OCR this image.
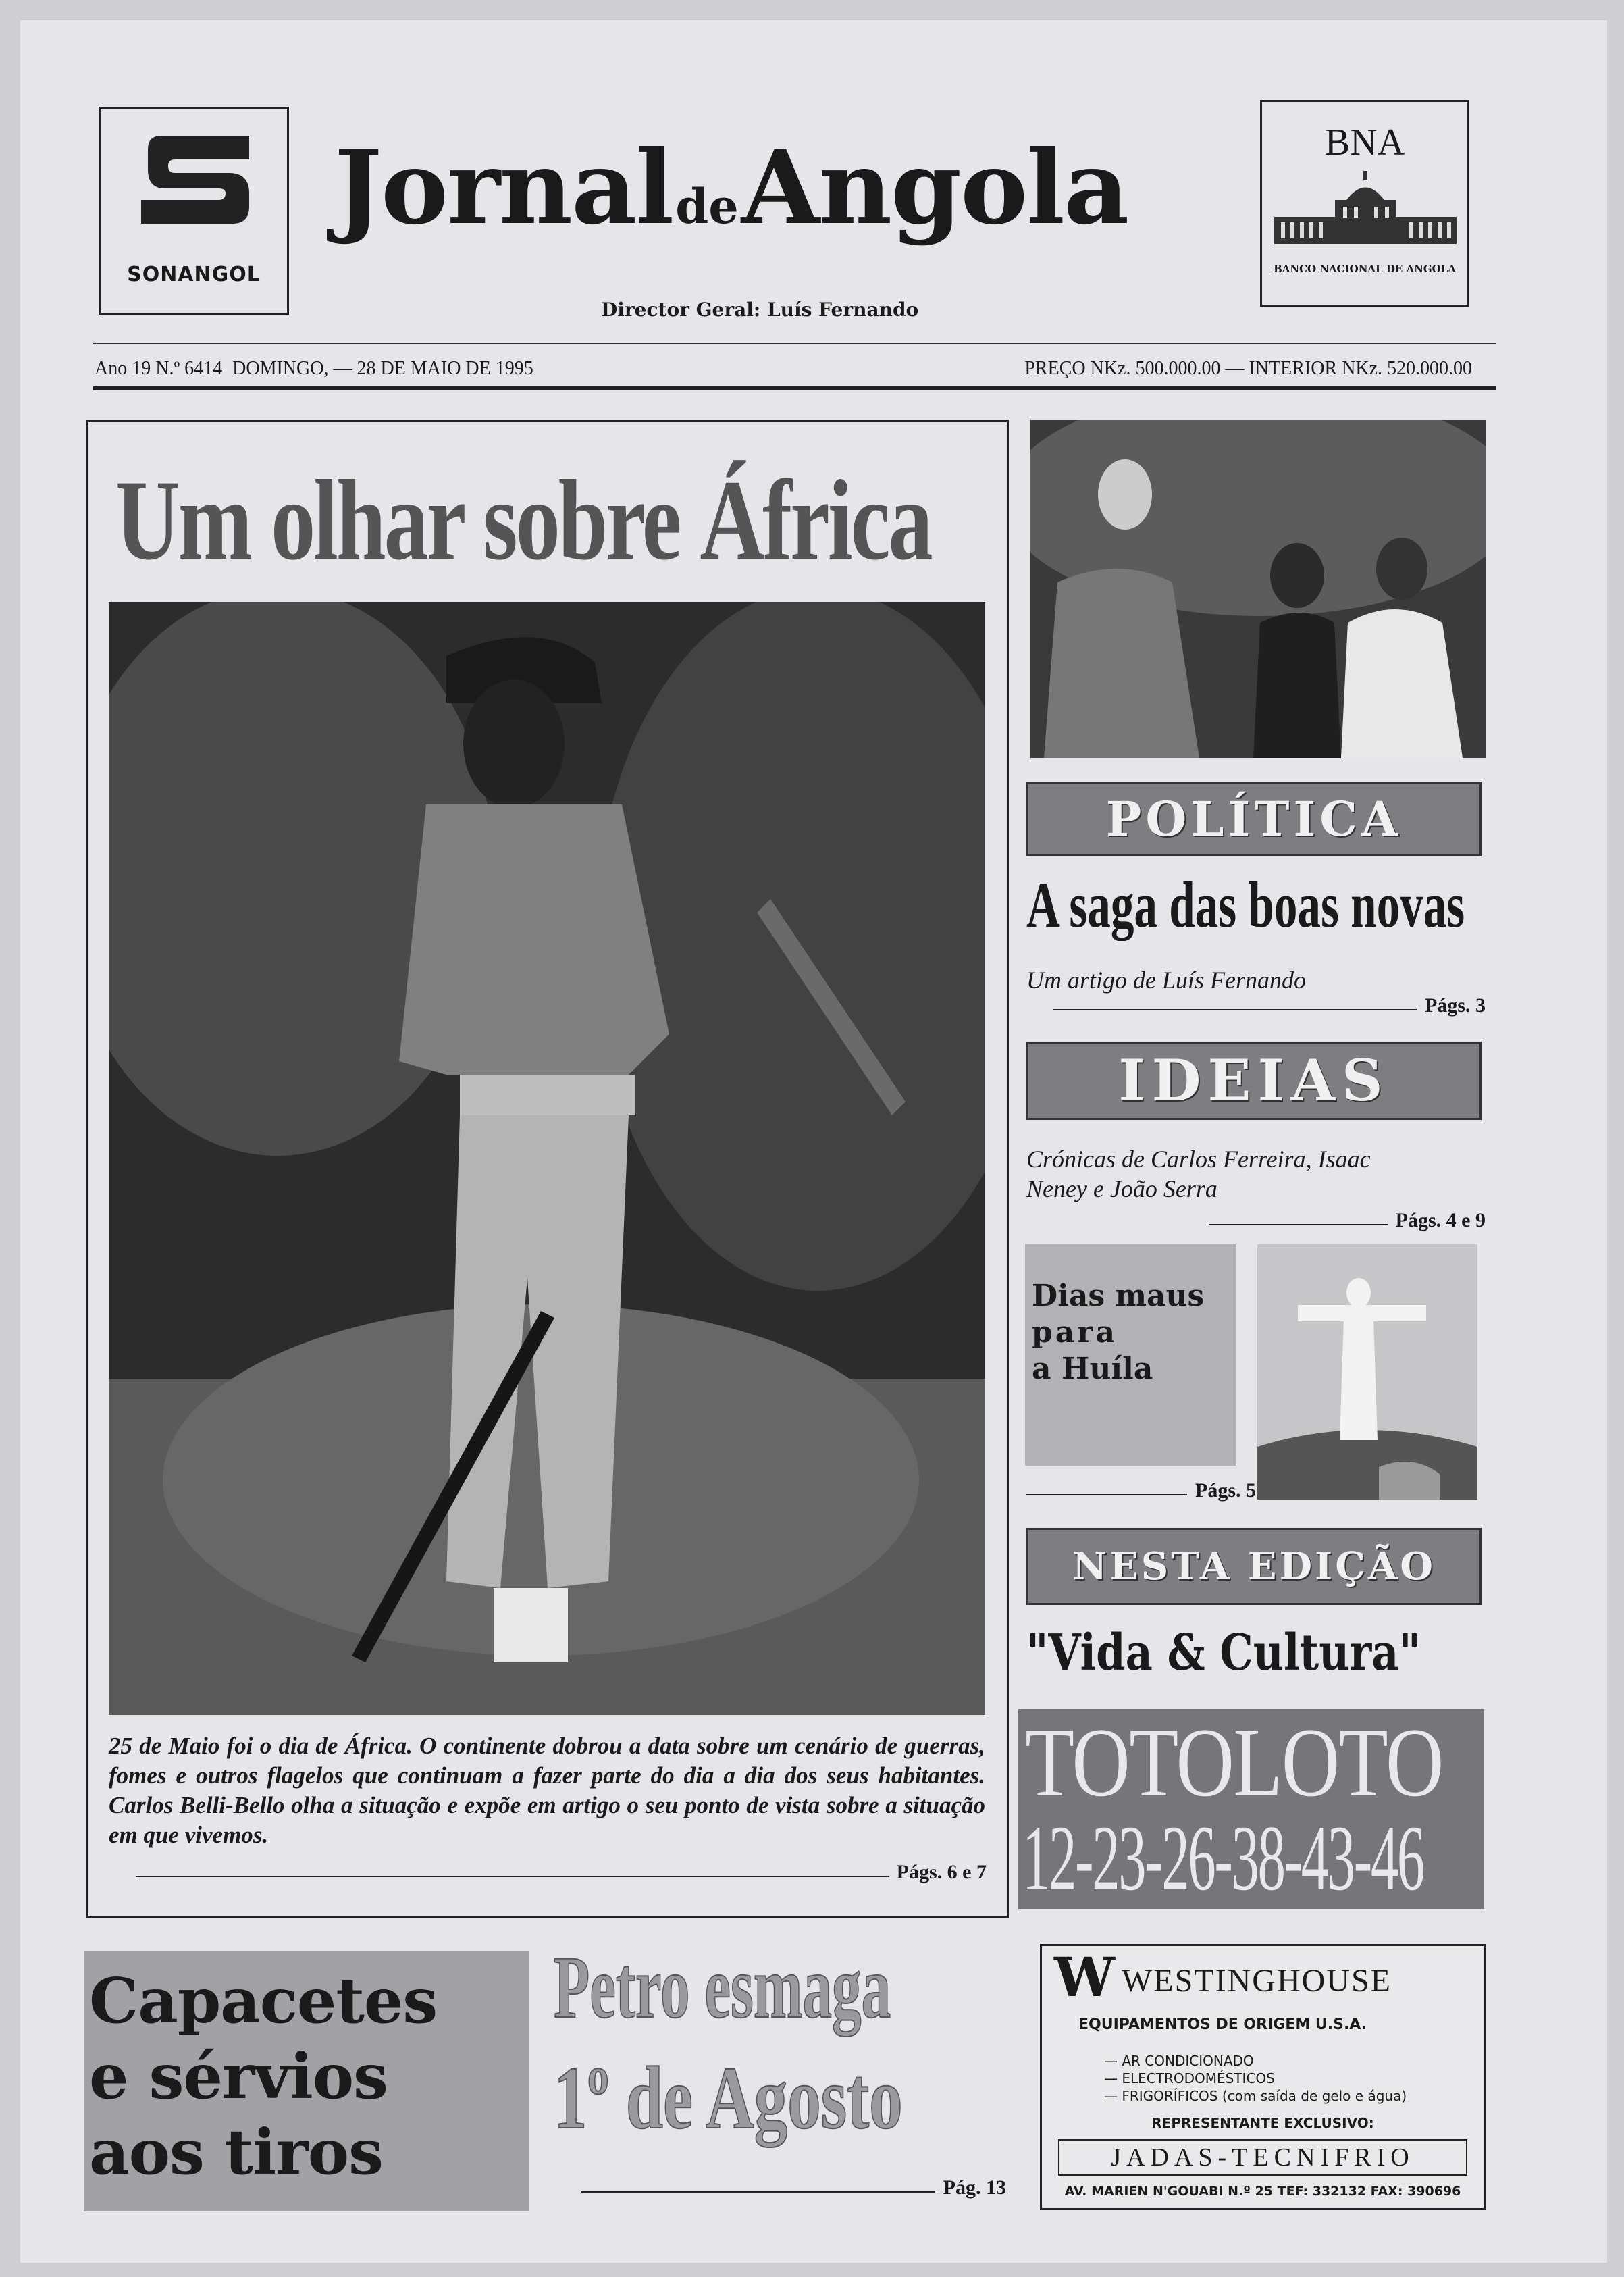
SONANGOL
Jornal de Angola
Director Geral: Luís Fernando
BNA
BANCO NACIONAL DE ANGOLA
Ano 19 N.º 6414 DOMINGO, — 28 DE MAIO DE 1995	PREÇO NKz. 500.000.00 — INTERIOR NKz. 520.000.00
Um olhar sobre África
25 de Maio foi o dia de África. O continente dobrou a data sobre um cenário de guerras, fomes e outros flagelos que continuam a fazer parte do dia a dia dos seus habitantes. Carlos Belli-Bello olha a situação e expõe em artigo o seu ponto de vista sobre a situação em que vivemos.
Págs. 6 e 7
POLÍTICA
A saga das boas novas
Um artigo de Luís Fernando
Págs. 3
IDEIAS
Crónicas de Carlos Ferreira, Isaac Neney e João Serra
Págs. 4 e 9
Dias maus
para
a Huíla
Págs. 5
NESTA EDIÇÃO
"Vida & Cultura"
TOTOLOTO
12-23-26-38-43-46
Capacetes
e sérvios
aos tiros
Petro esmaga
1º de Agosto
Pág. 13
W WESTINGHOUSE
EQUIPAMENTOS DE ORIGEM U.S.A.
— AR CONDICIONADO
— ELECTRODOMÉSTICOS
— FRIGORÍFICOS (com saída de gelo e água)
REPRESENTANTE EXCLUSIVO:
JADAS-TECNIFRIO
AV. MARIEN N'GOUABI N.º 25 TEF: 332132 FAX: 390696
